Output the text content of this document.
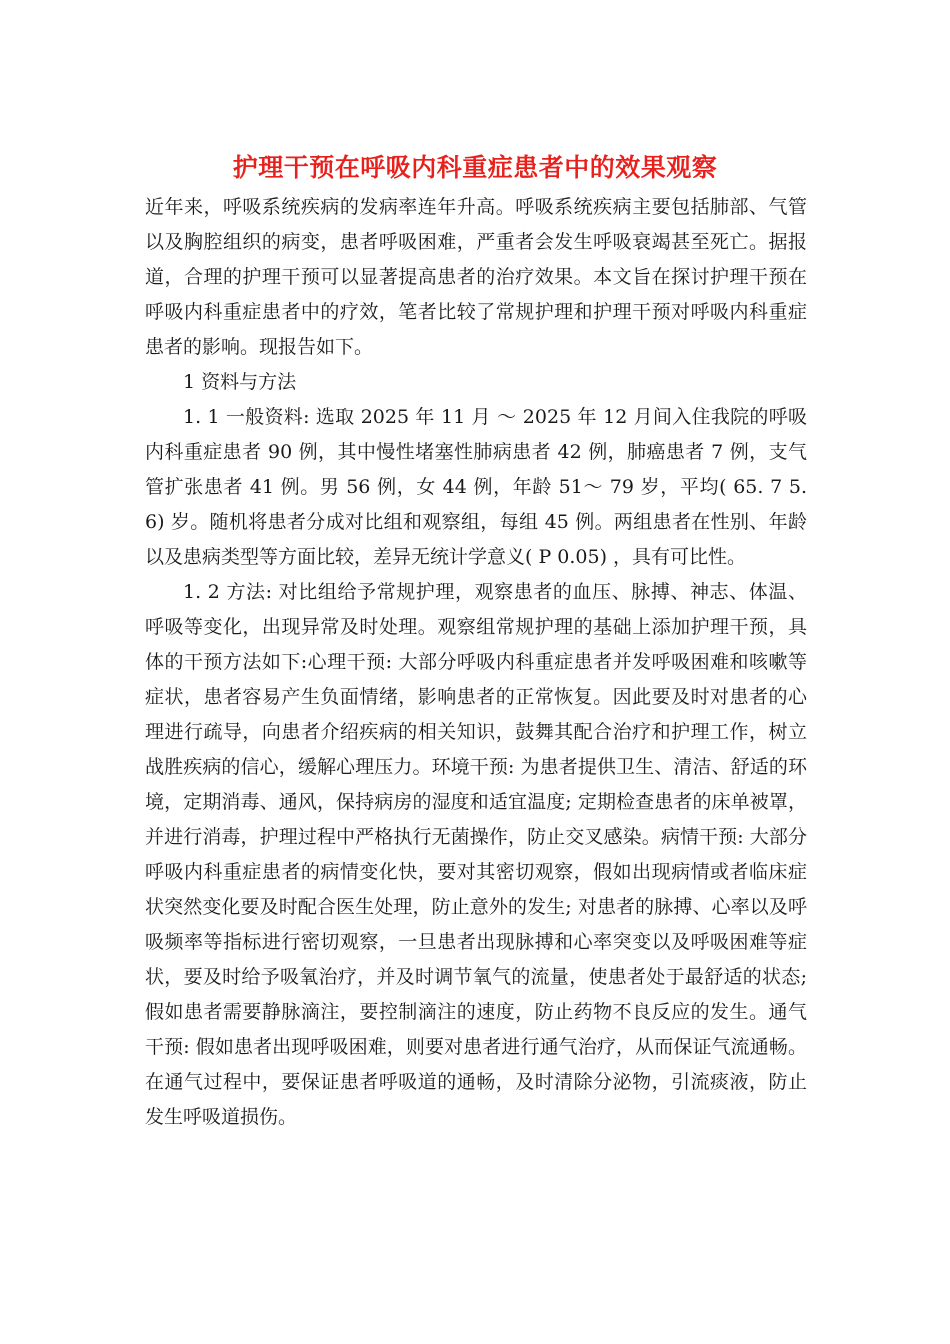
护理干预在呼吸内科重症患者中的效果观察

近年来，呼吸系统疾病的发病率连年升高。呼吸系统疾病主要包括肺部、气管以及胸腔组织的病变，患者呼吸困难，严重者会发生呼吸衰竭甚至死亡。据报道，合理的护理干预可以显著提高患者的治疗效果。本文旨在探讨护理干预在呼吸内科重症患者中的疗效，笔者比较了常规护理和护理干预对呼吸内科重症患者的影响。现报告如下。

1 资料与方法

1. 1 一般资料: 选取 2025 年 11 月 ～ 2025 年 12 月间入住我院的呼吸内科重症患者 90 例，其中慢性堵塞性肺病患者 42 例，肺癌患者 7 例，支气管扩张患者 41 例。男 56 例，女 44 例，年龄 51～ 79 岁，平均( 65. 7 5. 6) 岁。随机将患者分成对比组和观察组，每组 45 例。两组患者在性别、年龄以及患病类型等方面比较，差异无统计学意义( P 0.05) ，具有可比性。

1. 2 方法: 对比组给予常规护理，观察患者的血压、脉搏、神志、体温、呼吸等变化，出现异常及时处理。观察组常规护理的基础上添加护理干预，具体的干预方法如下:心理干预: 大部分呼吸内科重症患者并发呼吸困难和咳嗽等症状，患者容易产生负面情绪，影响患者的正常恢复。因此要及时对患者的心理进行疏导，向患者介绍疾病的相关知识，鼓舞其配合治疗和护理工作，树立战胜疾病的信心，缓解心理压力。环境干预: 为患者提供卫生、清洁、舒适的环境，定期消毒、通风，保持病房的湿度和适宜温度; 定期检查患者的床单被罩，并进行消毒，护理过程中严格执行无菌操作，防止交叉感染。病情干预: 大部分呼吸内科重症患者的病情变化快，要对其密切观察，假如出现病情或者临床症状突然变化要及时配合医生处理，防止意外的发生; 对患者的脉搏、心率以及呼吸频率等指标进行密切观察，一旦患者出现脉搏和心率突变以及呼吸困难等症状，要及时给予吸氧治疗，并及时调节氧气的流量，使患者处于最舒适的状态;假如患者需要静脉滴注，要控制滴注的速度，防止药物不良反应的发生。通气干预: 假如患者出现呼吸困难，则要对患者进行通气治疗，从而保证气流通畅。在通气过程中，要保证患者呼吸道的通畅，及时清除分泌物，引流痰液，防止发生呼吸道损伤。
